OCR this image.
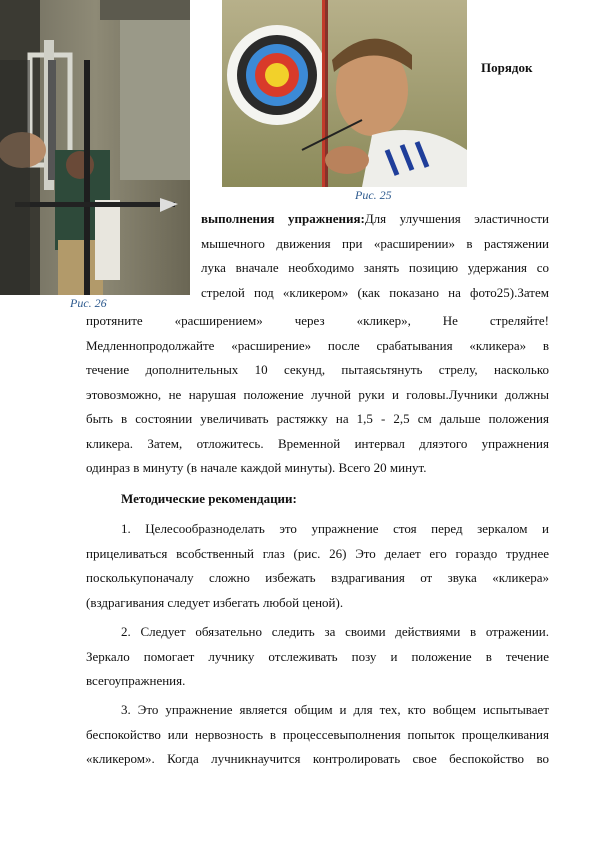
Рис. 25
Рис. 26
Порядок
выполнения упражнения:Для улучшения эластичности
мышечного движения при «расширении» в растяжении
лука вначале необходимо занять позицию удержания со
стрелой под «кликером» (как показано на фото25).Затем
протяните «расширением» через «кликер», Не стреляйте!
Медленнопродолжайте «расширение» после срабатывания «кликера» в
течение дополнительных 10 секунд, пытаясьтянуть стрелу, насколько
этовозможно, не нарушая положение лучной руки и головы.Лучники должны
быть в состоянии увеличивать растяжку на 1,5 - 2,5 см дальше положения
кликера. Затем, отложитесь. Временной интервал дляэтого упражнения
одинраз в минуту (в начале каждой минуты). Всего 20 минут.
Методические рекомендации:
1. Целесообразноделать это упражнение стоя перед зеркалом и
прицеливаться всобственный глаз (рис. 26) Это делает его гораздо труднее
посколькупоначалу сложно избежать вздрагивания от звука «кликера»
(вздрагивания следует избегать любой ценой).
2. Следует обязательно следить за своими действиями в отражении.
Зеркало помогает лучнику отслеживать позу и положение в течение
всегоупражнения.
3. Это упражнение является общим и для тех, кто вобщем испытывает
беспокойство или нервозность в процессевыполнения попыток прощелкивания
«кликером». Когда лучникнаучится контролировать свое беспокойство во
